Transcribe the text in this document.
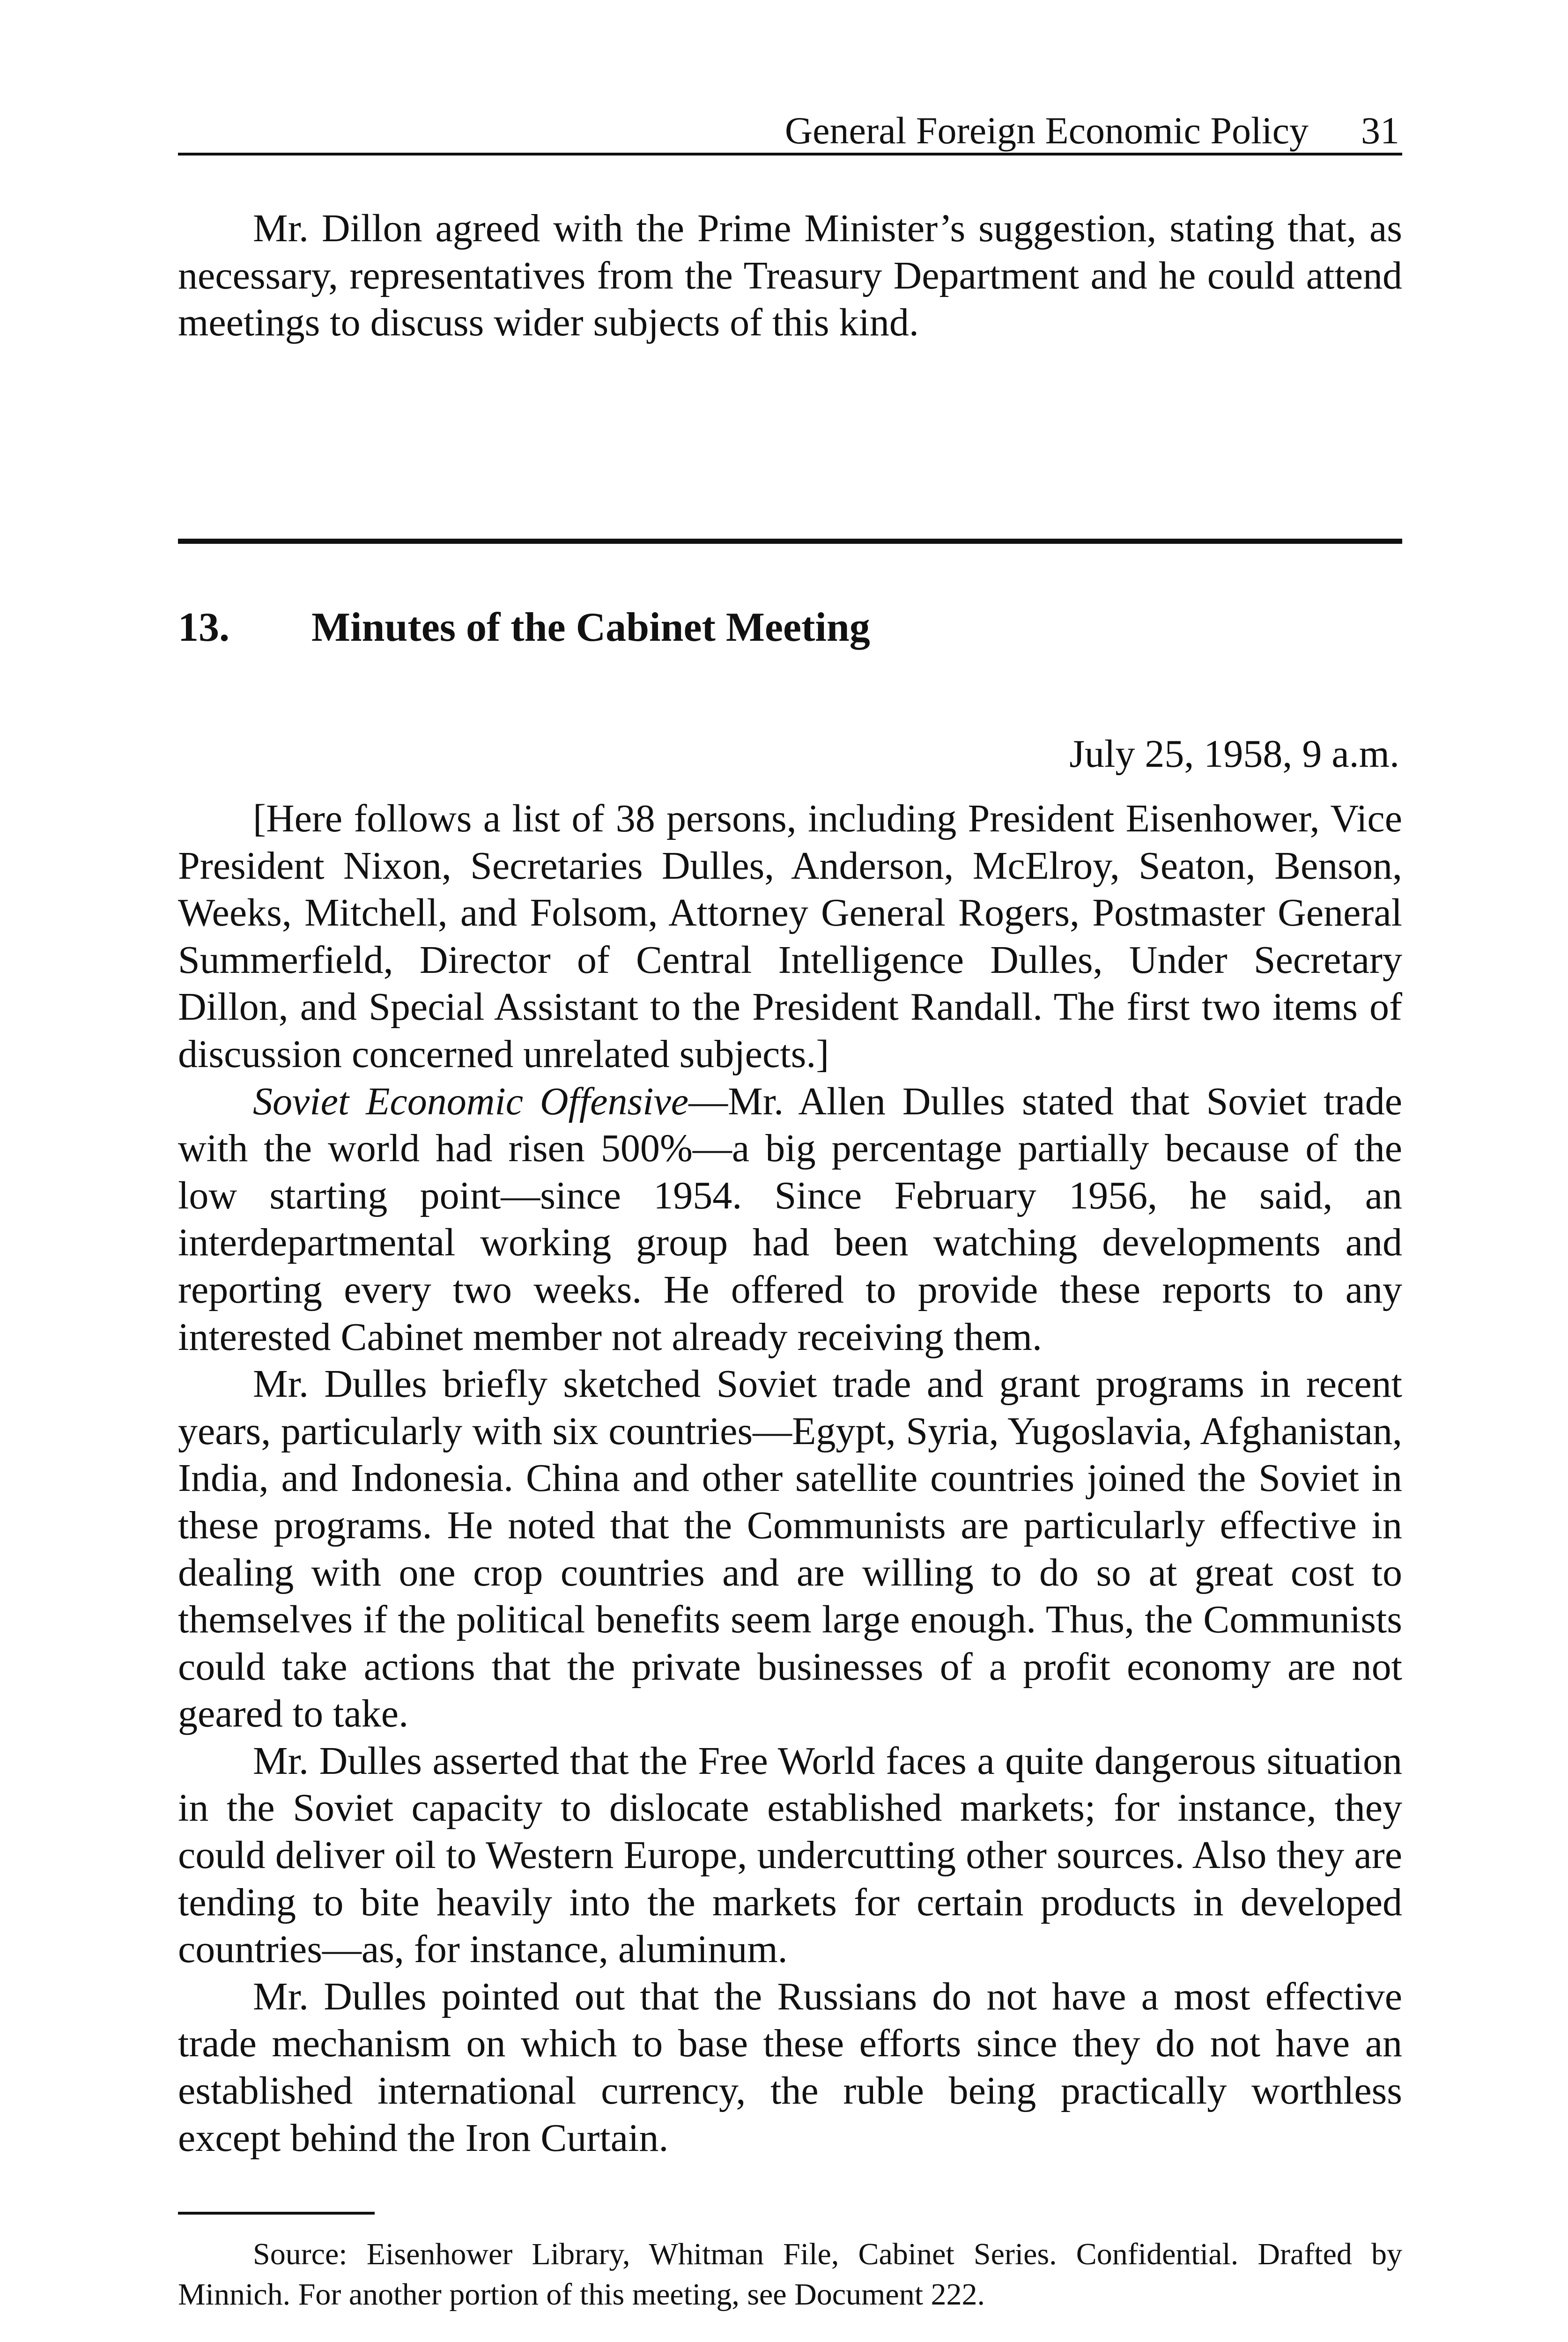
General Foreign Economic Policy 31

Mr. Dillon agreed with the Prime Minister’s suggestion, stating that, as necessary, representatives from the Treasury Department and he could attend meetings to discuss wider subjects of this kind.

13. Minutes of the Cabinet Meeting
July 25, 1958, 9 a.m.

[Here follows a list of 38 persons, including President Eisenhower, Vice President Nixon, Secretaries Dulles, Anderson, McElroy, Seaton, Benson, Weeks, Mitchell, and Folsom, Attorney General Rogers, Postmaster General Summerfield, Director of Central Intelligence Dulles, Under Secretary Dillon, and Special Assistant to the President Randall. The first two items of discussion concerned unrelated subjects.]

Soviet Economic Offensive—Mr. Allen Dulles stated that Soviet trade with the world had risen 500%—a big percentage partially because of the low starting point—since 1954. Since February 1956, he said, an interdepartmental working group had been watching developments and reporting every two weeks. He offered to provide these reports to any interested Cabinet member not already receiving them.

Mr. Dulles briefly sketched Soviet trade and grant programs in recent years, particularly with six countries—Egypt, Syria, Yugoslavia, Afghanistan, India, and Indonesia. China and other satellite countries joined the Soviet in these programs. He noted that the Communists are particularly effective in dealing with one crop countries and are willing to do so at great cost to themselves if the political benefits seem large enough. Thus, the Communists could take actions that the private businesses of a profit economy are not geared to take.

Mr. Dulles asserted that the Free World faces a quite dangerous situation in the Soviet capacity to dislocate established markets; for instance, they could deliver oil to Western Europe, undercutting other sources. Also they are tending to bite heavily into the markets for certain products in developed countries—as, for instance, aluminum.

Mr. Dulles pointed out that the Russians do not have a most effective trade mechanism on which to base these efforts since they do not have an established international currency, the ruble being practically worthless except behind the Iron Curtain.

Source: Eisenhower Library, Whitman File, Cabinet Series. Confidential. Drafted by Minnich. For another portion of this meeting, see Document 222.
